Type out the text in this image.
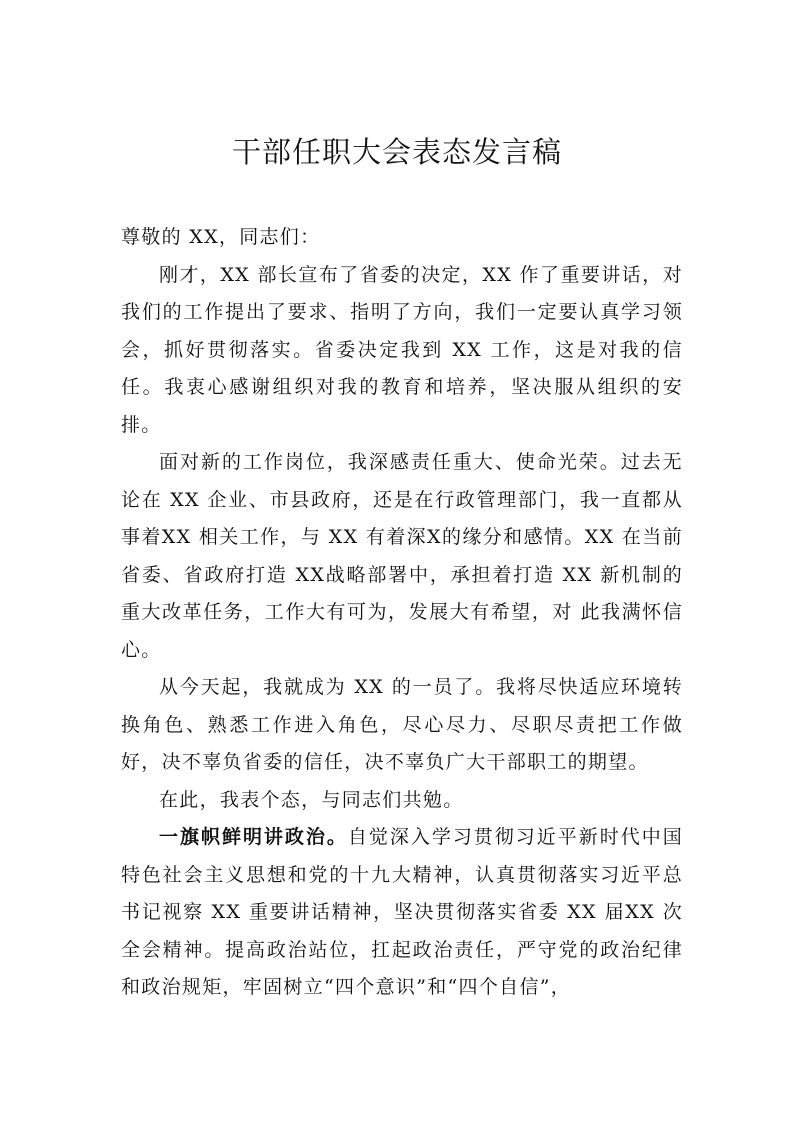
干部任职大会表态发言稿

尊敬的 XX，同志们：

刚才，XX 部长宣布了省委的决定，XX 作了重要讲话，对我们的工作提出了要求、指明了方向，我们一定要认真学习领会，抓好贯彻落实。省委决定我到 XX 工作，这是对我的信任。我衷心感谢组织对我的教育和培养，坚决服从组织的安排。

面对新的工作岗位，我深感责任重大、使命光荣。过去无论在 XX 企业、市县政府，还是在行政管理部门，我一直都从事着XX 相关工作，与 XX 有着深X的缘分和感情。XX 在当前省委、省政府打造 XX战略部署中，承担着打造 XX 新机制的重大改革任务，工作大有可为，发展大有希望，对 此我满怀信心。

从今天起，我就成为 XX 的一员了。我将尽快适应环境转换角色、熟悉工作进入角色，尽心尽力、尽职尽责把工作做好，决不辜负省委的信任，决不辜负广大干部职工的期望。

在此，我表个态，与同志们共勉。

一旗帜鲜明讲政治。自觉深入学习贯彻习近平新时代中国特色社会主义思想和党的十九大精神，认真贯彻落实习近平总书记视察 XX 重要讲话精神，坚决贯彻落实省委 XX 届XX 次全会精神。提高政治站位，扛起政治责任，严守党的政治纪律和政治规矩，牢固树立“四个意识”和“四个自信”，
